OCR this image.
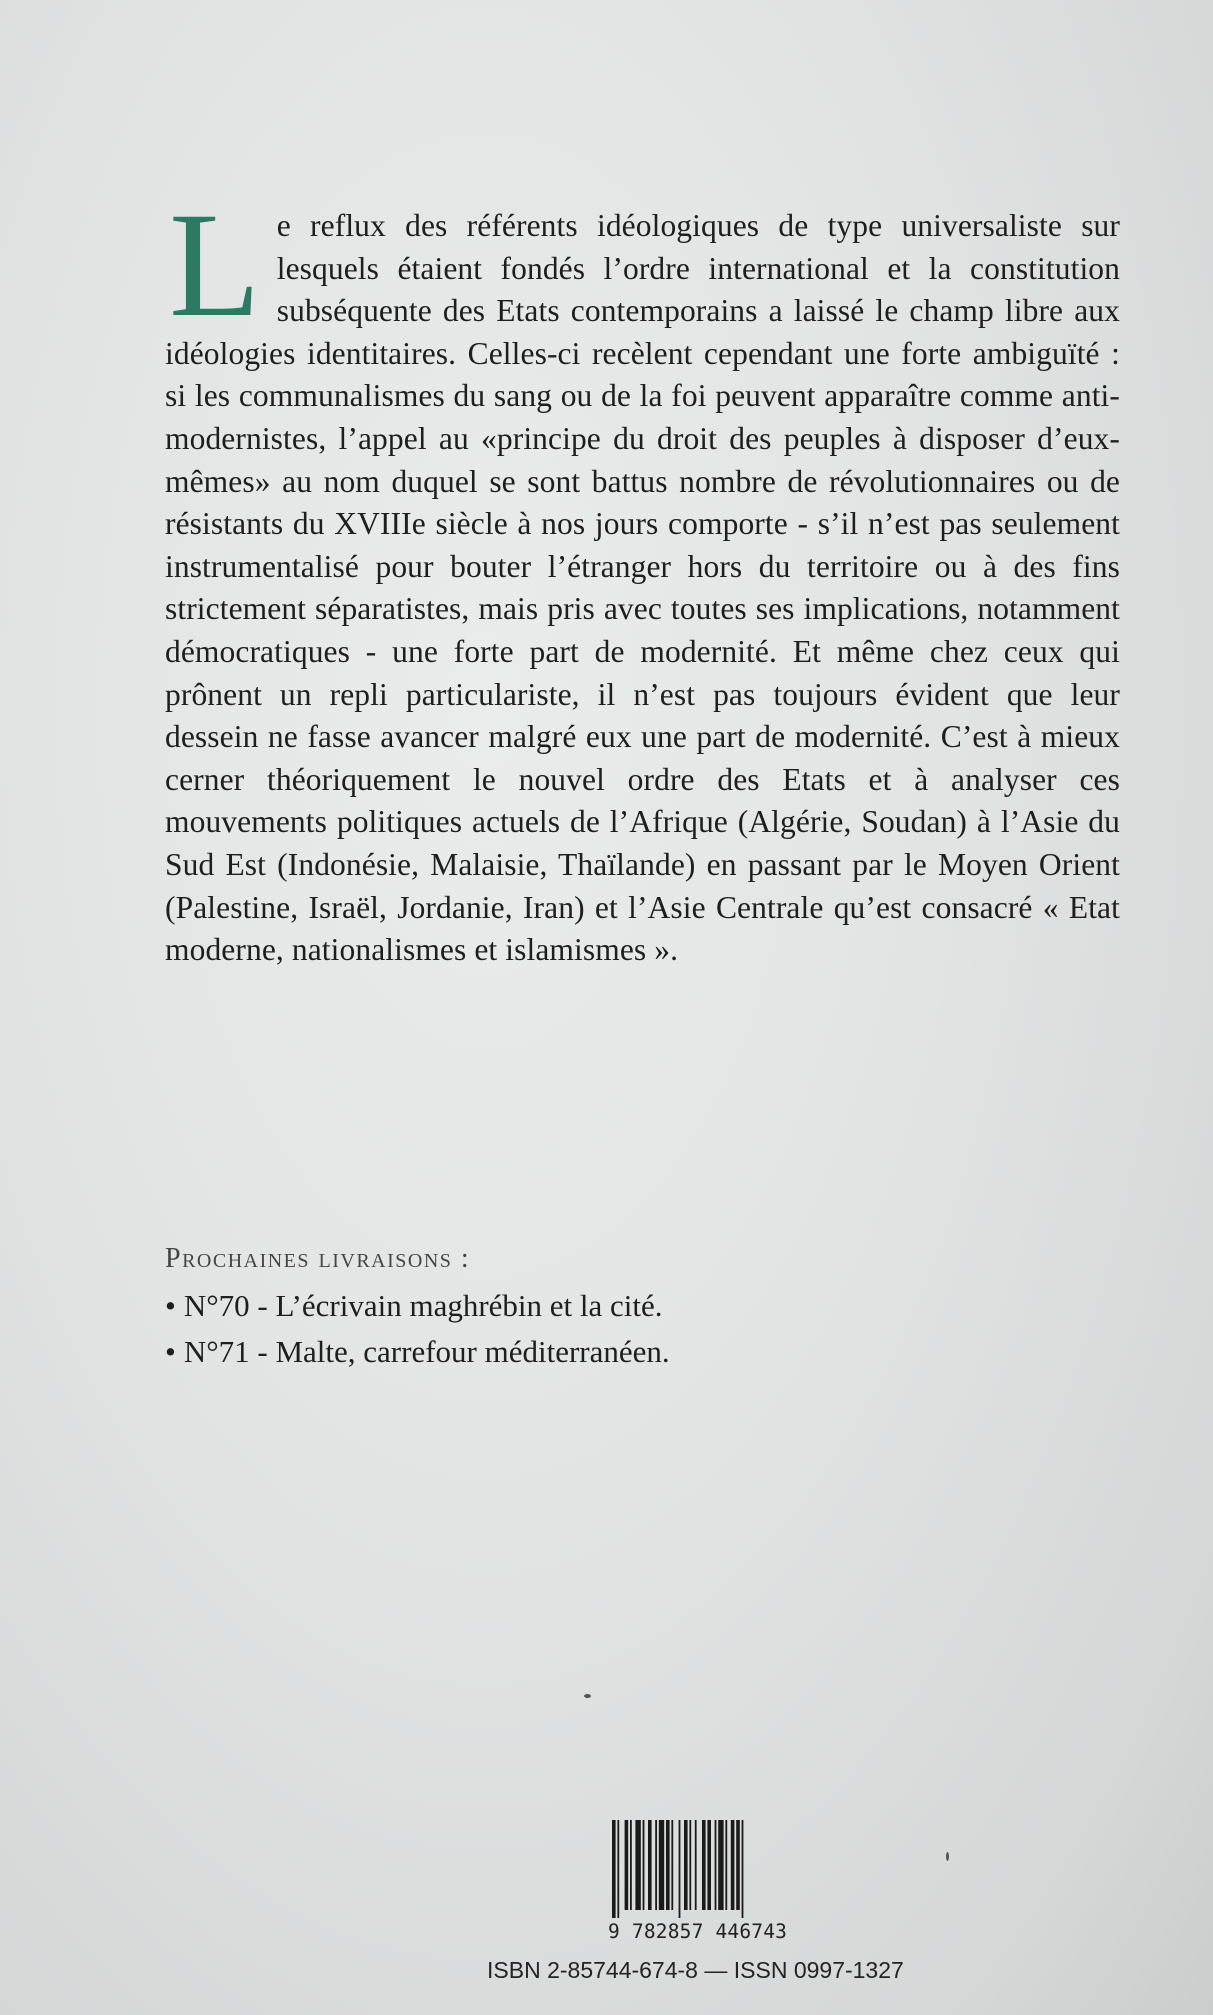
Le reflux des référents idéologiques de type universaliste sur lesquels étaient fondés l’ordre international et la constitution subséquente des Etats contemporains a laissé le champ libre aux idéologies identitaires. Celles-ci recèlent cependant une forte ambiguïté : si les communalismes du sang ou de la foi peuvent apparaître comme anti-modernistes, l’appel au «principe du droit des peuples à disposer d’eux-mêmes» au nom duquel se sont battus nombre de révolutionnaires ou de résistants du XVIIIe siècle à nos jours comporte - s’il n’est pas seulement instrumentalisé pour bouter l’étranger hors du territoire ou à des fins strictement séparatistes, mais pris avec toutes ses implications, notamment démocratiques - une forte part de modernité. Et même chez ceux qui prônent un repli particulariste, il n’est pas toujours évident que leur dessein ne fasse avancer malgré eux une part de modernité. C’est à mieux cerner théoriquement le nouvel ordre des Etats et à analyser ces mouvements politiques actuels de l’Afrique (Algérie, Soudan) à l’Asie du Sud Est (Indonésie, Malaisie, Thaïlande) en passant par le Moyen Orient (Palestine, Israël, Jordanie, Iran) et l’Asie Centrale qu’est consacré « Etat moderne, nationalismes et islamismes ».
Prochaines livraisons :
• N°70 - L’écrivain maghrébin et la cité.
• N°71 - Malte, carrefour méditerranéen.
9 782857 446743
ISBN 2-85744-674-8 — ISSN 0997-1327
